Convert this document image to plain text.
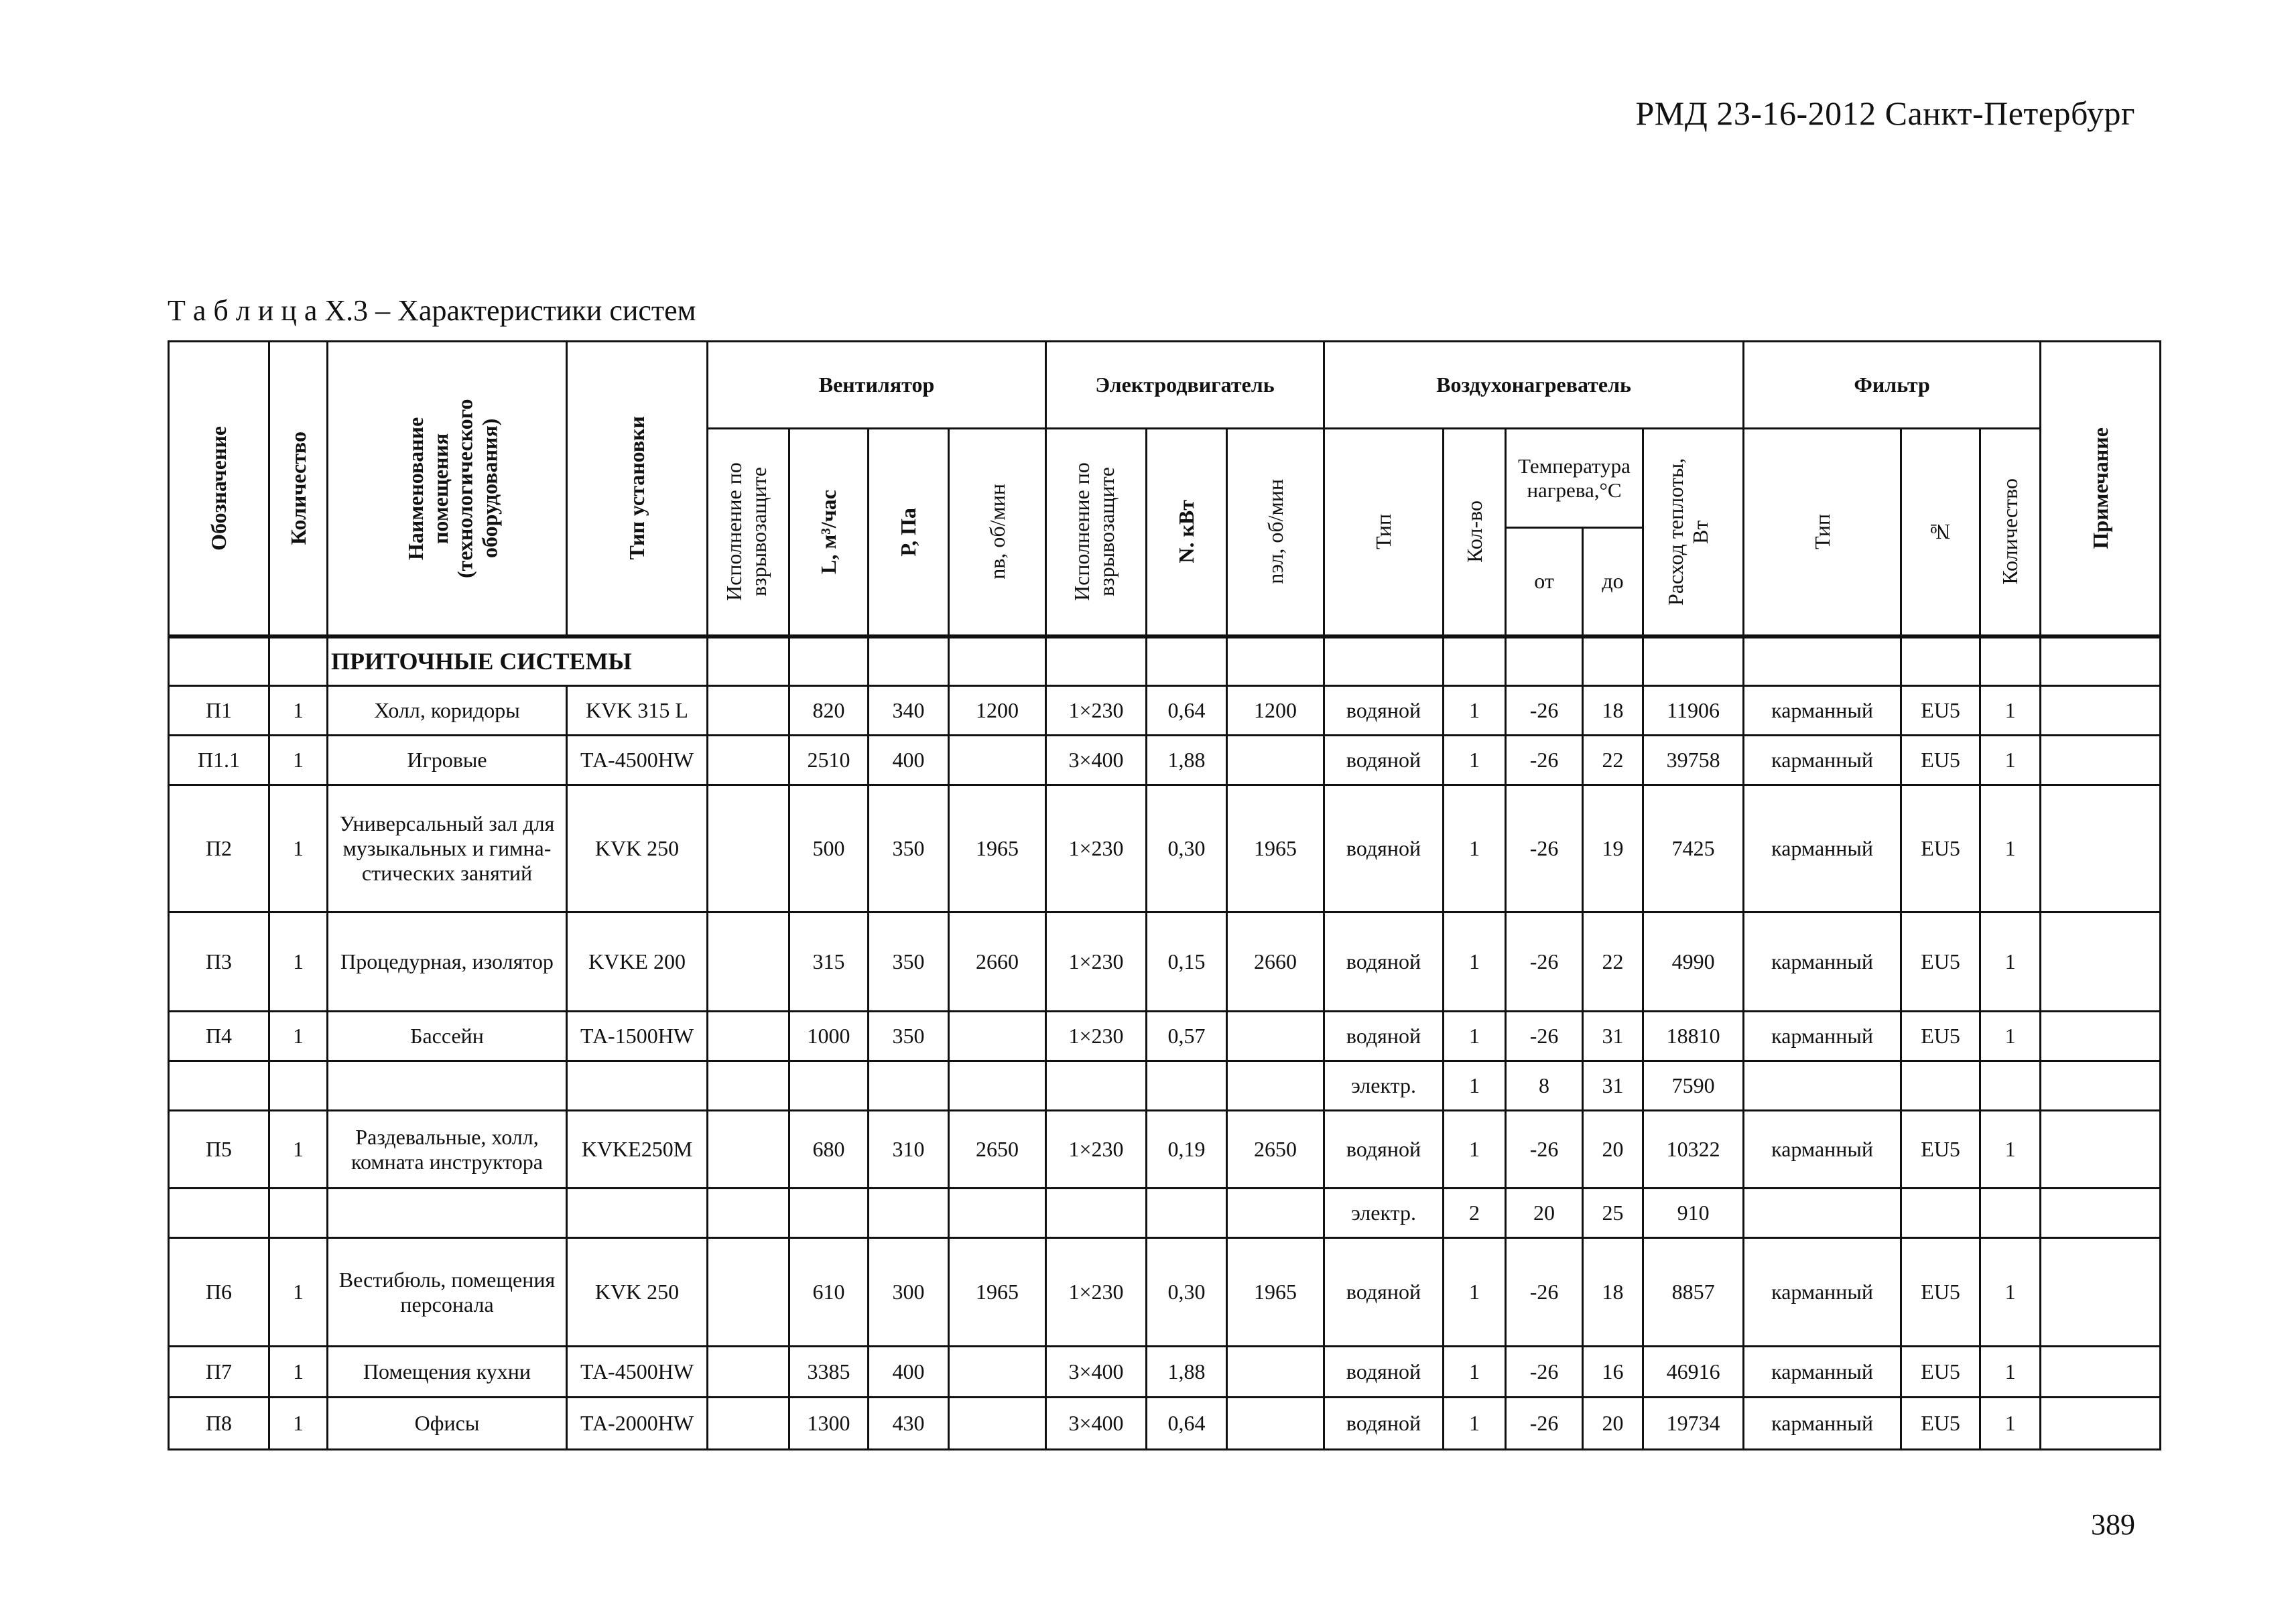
РМД 23-16-2012 Санкт-Петербург
Т а б л и ц а X.3 – Характеристики систем
Обозначение	Количество	Наименование помещения (технологического оборудования)	Тип установки	Вентилятор				Электродвигатель			Воздухонагреватель					Фильтр			Примечание

				Исполнение по взрывозащите	L, м³/час	Р, Па	nв, об/мин	Исполнение по взрывозащите	N. кВт	nэл, об/мин	Тип	Кол-во	Температура нагрева,°С		Расход теплоты, Вт	Тип	№	Количество	

													от	до					
		ПРИТОЧНЫЕ СИСТЕМЫ																	
П1	1	Холл, коридоры	KVK 315 L		820	340	1200	1×230	0,64	1200	водяной	1	-26	18	11906	карманный	EU5	1	
П1.1	1	Игровые	ТА-4500HW		2510	400		3×400	1,88		водяной	1	-26	22	39758	карманный	EU5	1	
П2	1	Универсальный зал для музыкальных и гимна-стических занятий	KVK 250		500	350	1965	1×230	0,30	1965	водяной	1	-26	19	7425	карманный	EU5	1	
П3	1	Процедурная, изолятор	KVKE 200		315	350	2660	1×230	0,15	2660	водяной	1	-26	22	4990	карманный	EU5	1	
П4	1	Бассейн	ТА-1500HW		1000	350		1×230	0,57		водяной	1	-26	31	18810	карманный	EU5	1	
											электр.	1	8	31	7590				
П5	1	Раздевальные, холл, комната инструктора	KVKE250M		680	310	2650	1×230	0,19	2650	водяной	1	-26	20	10322	карманный	EU5	1	
											электр.	2	20	25	910				
П6	1	Вестибюль, помещения персонала	KVK 250		610	300	1965	1×230	0,30	1965	водяной	1	-26	18	8857	карманный	EU5	1	
П7	1	Помещения кухни	ТА-4500HW		3385	400		3×400	1,88		водяной	1	-26	16	46916	карманный	EU5	1	
П8	1	Офисы	ТА-2000HW		1300	430		3×400	0,64		водяной	1	-26	20	19734	карманный	EU5	1	
389
